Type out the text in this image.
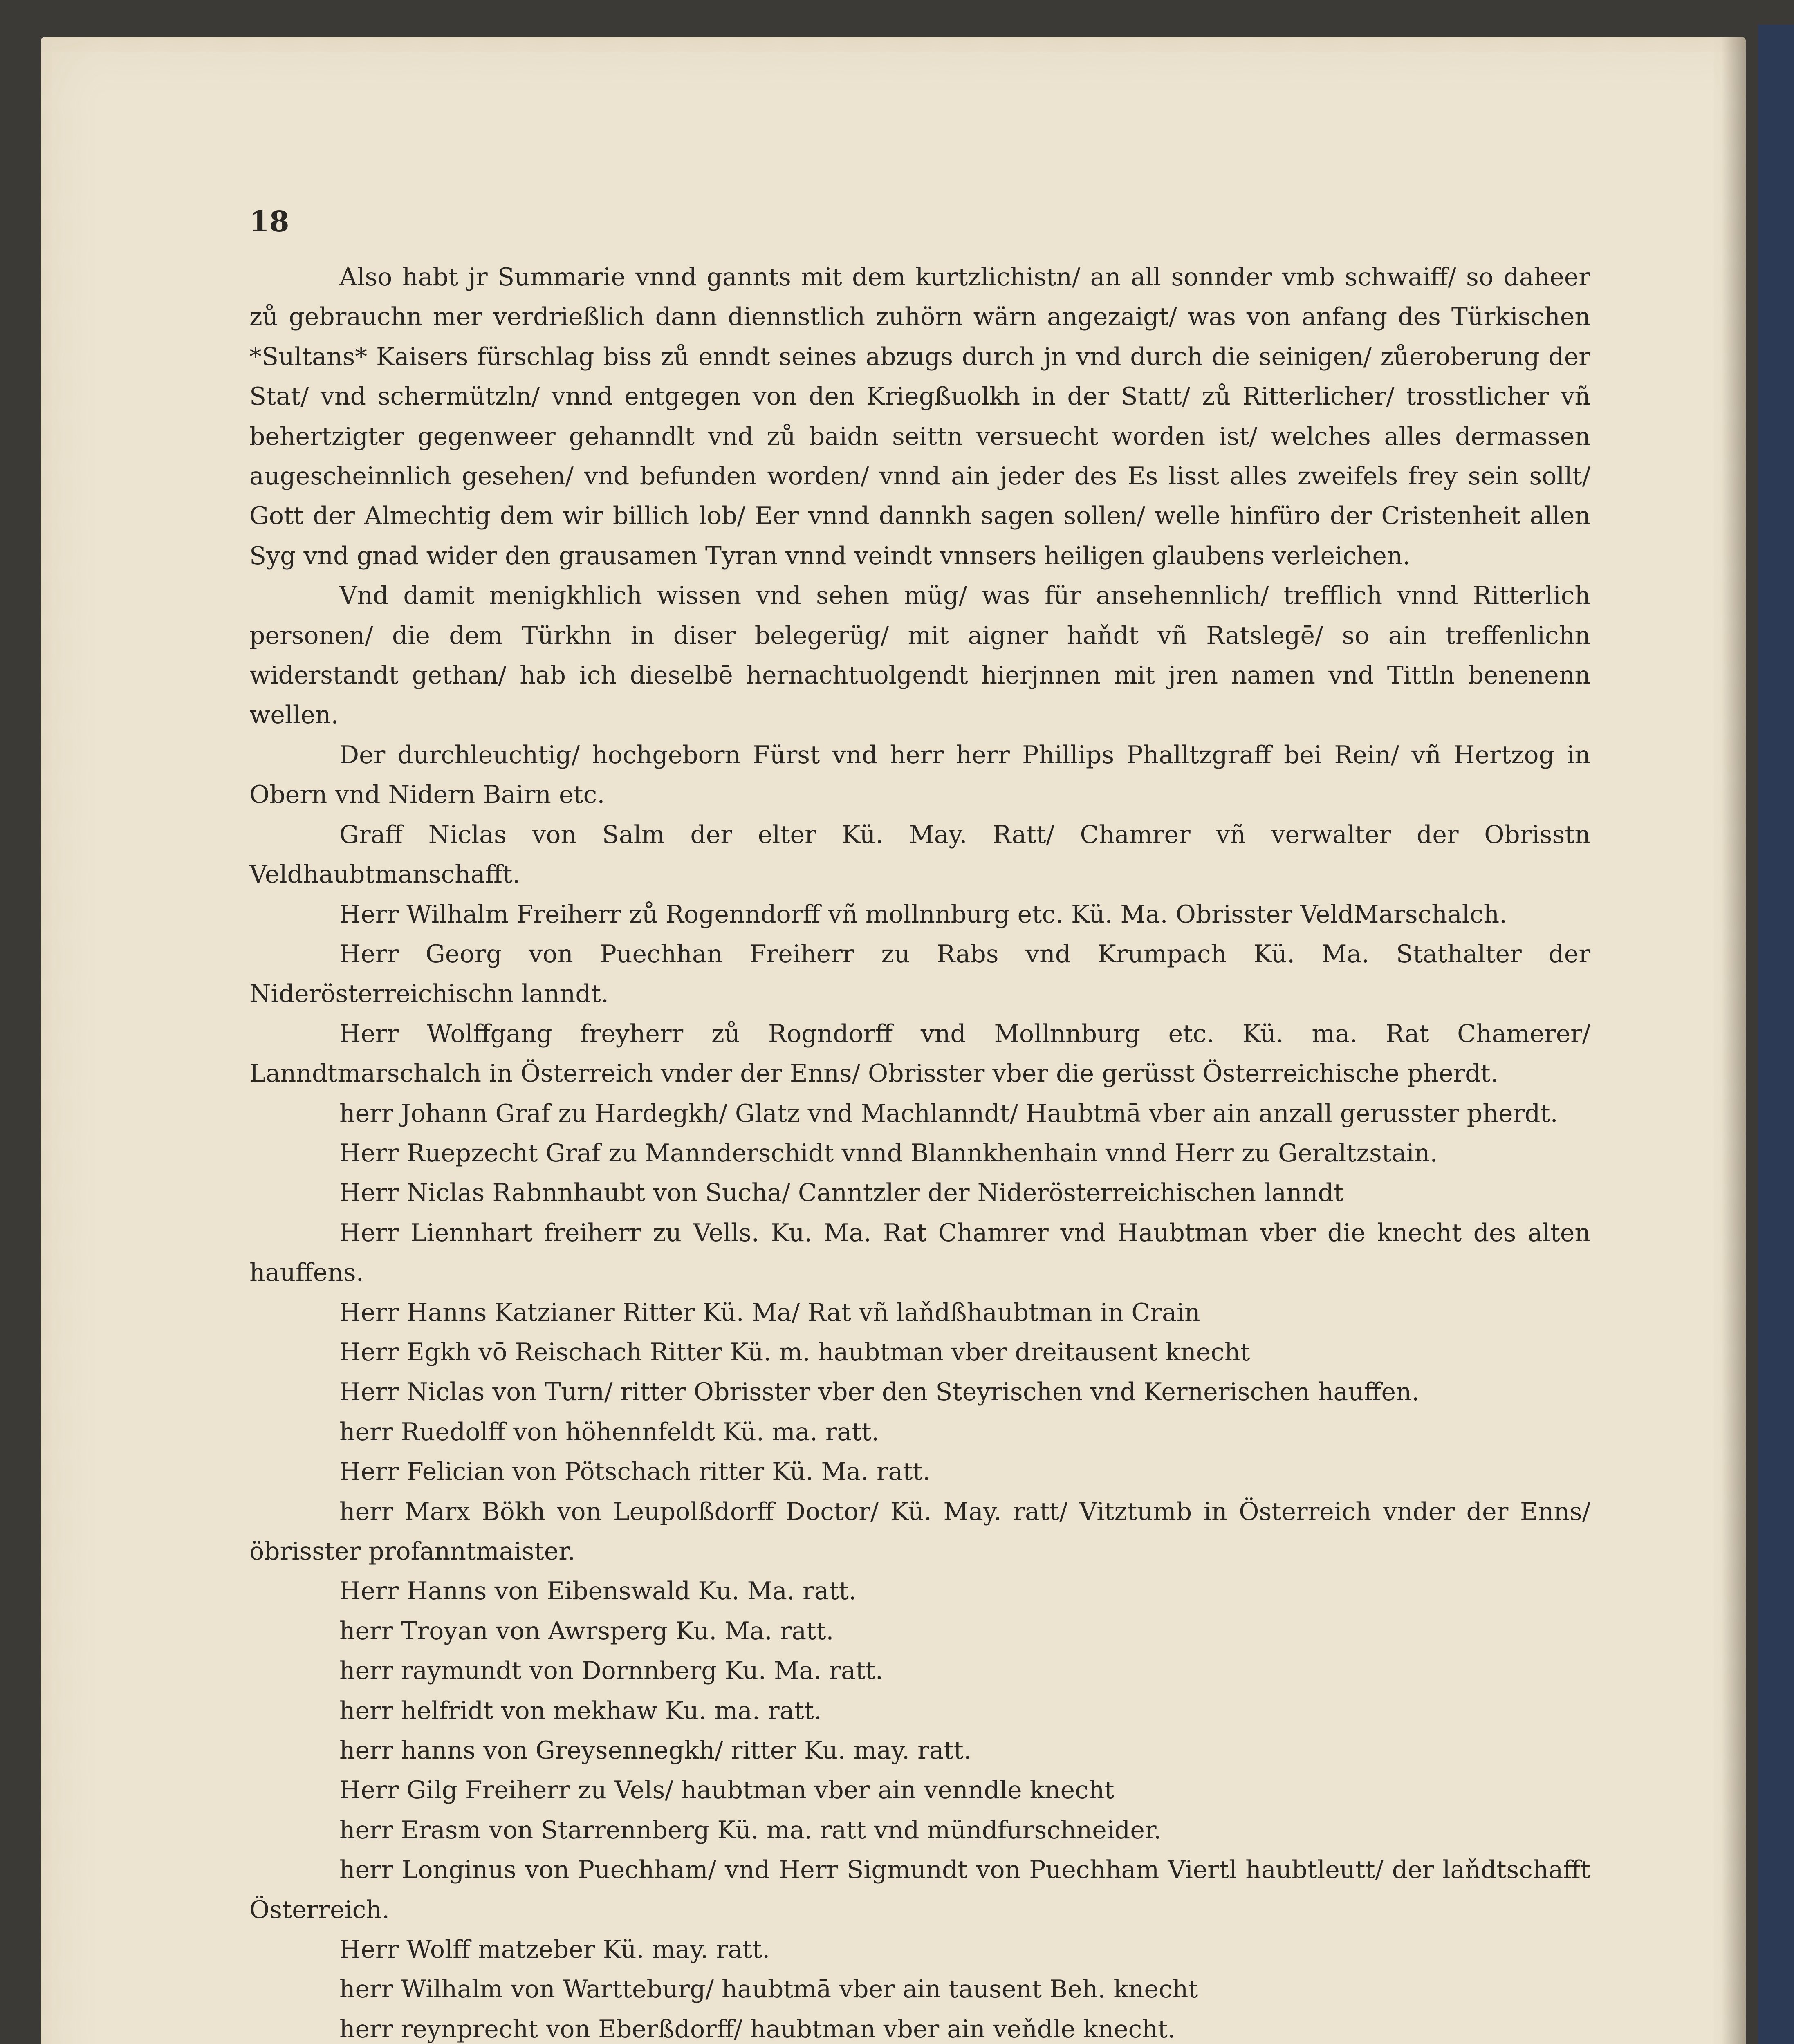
18

Also habt jr Summarie vnnd gannts mit dem kurtzlichistn/ an all sonnder vmb schwaiff/ so daheer zů gebrauchn mer verdrießlich dann diennstlich zuhörn wärn angezaigt/ was von anfang des Türkischen *Sultans* Kaisers fürschlag biss zů enndt seines abzugs durch jn vnd durch die seinigen/ zůeroberung der Stat/ vnd schermützln/ vnnd entgegen von den Kriegßuolkh in der Statt/ zů Ritterlicher/ trosstlicher vñ behertzigter gegenweer gehanndlt vnd zů baidn seittn versuecht worden ist/ welches alles dermassen augescheinnlich gesehen/ vnd befunden worden/ vnnd ain jeder des Es lisst alles zweifels frey sein sollt/ Gott der Almechtig dem wir billich lob/ Eer vnnd dannkh sagen sollen/ welle hinfüro der Cristenheit allen Syg vnd gnad wider den grausamen Tyran vnnd veindt vnnsers heiligen glaubens verleichen.

Vnd damit menigkhlich wissen vnd sehen müg/ was für ansehennlich/ trefflich vnnd Ritterlich personen/ die dem Türkhn in diser belegerüg/ mit aigner haňdt vñ Ratslegē/ so ain treffenlichn widerstandt gethan/ hab ich dieselbē hernachtuolgendt hierjnnen mit jren namen vnd Tittln benenenn wellen.

Der durchleuchtig/ hochgeborn Fürst vnd herr herr Phillips Phalltzgraff bei Rein/ vñ Hertzog in Obern vnd Nidern Bairn etc.

Graff Niclas von Salm der elter Kü. May. Ratt/ Chamrer vñ verwalter der Obrisstn Veldhaubtmanschafft.

Herr Wilhalm Freiherr zů Rogenndorff vñ mollnnburg etc. Kü. Ma. Obrisster VeldMarschalch.

Herr Georg von Puechhan Freiherr zu Rabs vnd Krumpach Kü. Ma. Stathalter der Niderösterreichischn lanndt.

Herr Wolffgang freyherr zů Rogndorff vnd Mollnnburg etc. Kü. ma. Rat Chamerer/ Lanndtmarschalch in Österreich vnder der Enns/ Obrisster vber die gerüsst Österreichische pherdt.

herr Johann Graf zu Hardegkh/ Glatz vnd Machlanndt/ Haubtmā vber ain anzall gerusster pherdt.

Herr Ruepzecht Graf zu Mannderschidt vnnd Blannkhenhain vnnd Herr zu Geraltzstain.

Herr Niclas Rabnnhaubt von Sucha/ Canntzler der Niderösterreichischen lanndt

Herr Liennhart freiherr zu Vells. Ku. Ma. Rat Chamrer vnd Haubtman vber die knecht des alten hauffens.

Herr Hanns Katzianer Ritter Kü. Ma/ Rat vñ laňdßhaubtman in Crain

Herr Egkh vō Reischach Ritter Kü. m. haubtman vber dreitausent knecht

Herr Niclas von Turn/ ritter Obrisster vber den Steyrischen vnd Kernerischen hauffen.

herr Ruedolff von höhennfeldt Kü. ma. ratt.

Herr Felician von Pötschach ritter Kü. Ma. ratt.

herr Marx Bökh von Leupolßdorff Doctor/ Kü. May. ratt/ Vitztumb in Österreich vnder der Enns/ öbrisster profanntmaister.

Herr Hanns von Eibenswald Ku. Ma. ratt.

herr Troyan von Awrsperg Ku. Ma. ratt.

herr raymundt von Dornnberg Ku. Ma. ratt.

herr helfridt von mekhaw Ku. ma. ratt.

herr hanns von Greysennegkh/ ritter Ku. may. ratt.

Herr Gilg Freiherr zu Vels/ haubtman vber ain venndle knecht

herr Erasm von Starrennberg Kü. ma. ratt vnd mündfurschneider.

herr Longinus von Puechham/ vnd Herr Sigmundt von Puechham Viertl haubtleutt/ der laňdtschafft Österreich.

Herr Wolff matzeber Kü. may. ratt.

herr Wilhalm von Wartteburg/ haubtmā vber ain tausent Beh. knecht

herr reynprecht von Eberßdorff/ haubtman vber ain veňdle knecht.
